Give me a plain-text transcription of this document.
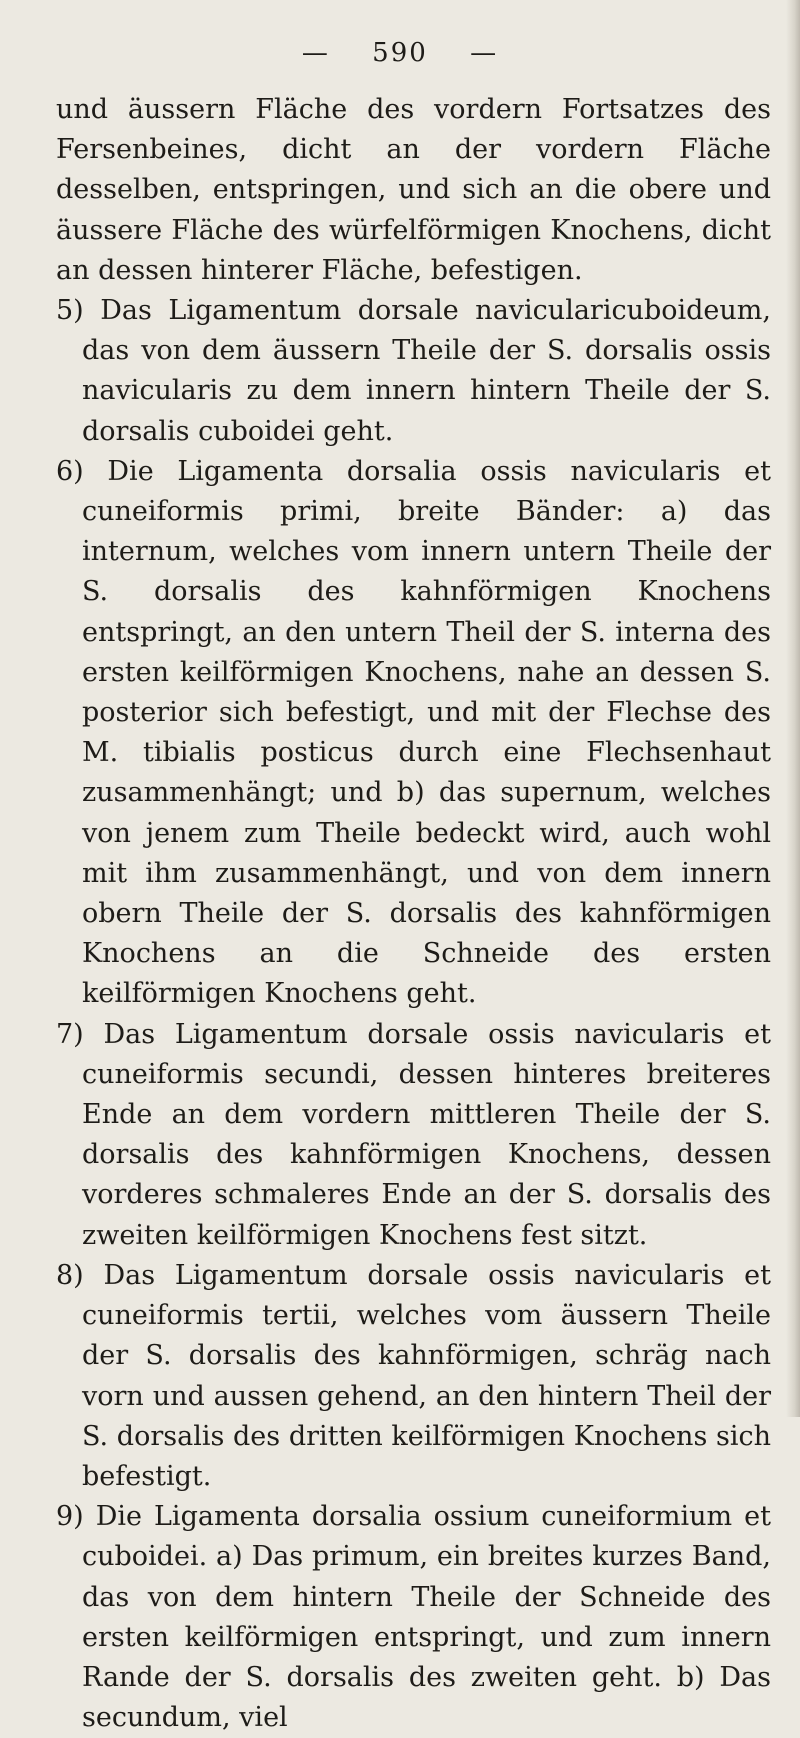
— 590 —

und äussern Fläche des vordern Fortsatzes des Fersenbeines, dicht an der vordern Fläche desselben, entspringen, und sich an die obere und äussere Fläche des würfelförmigen Knochens, dicht an dessen hinterer Fläche, befestigen.

5) Das Ligamentum dorsale navicularicuboideum, das von dem äussern Theile der S. dorsalis ossis navicularis zu dem innern hintern Theile der S. dorsalis cuboidei geht.

6) Die Ligamenta dorsalia ossis navicularis et cuneiformis primi, breite Bänder: a) das internum, welches vom innern untern Theile der S. dorsalis des kahnförmigen Knochens entspringt, an den untern Theil der S. interna des ersten keilförmigen Knochens, nahe an dessen S. posterior sich befestigt, und mit der Flechse des M. tibialis posticus durch eine Flechsenhaut zusammenhängt; und b) das supernum, welches von jenem zum Theile bedeckt wird, auch wohl mit ihm zusammenhängt, und von dem innern obern Theile der S. dorsalis des kahnförmigen Knochens an die Schneide des ersten keilförmigen Knochens geht.

7) Das Ligamentum dorsale ossis navicularis et cuneiformis secundi, dessen hinteres breiteres Ende an dem vordern mittleren Theile der S. dorsalis des kahnförmigen Knochens, dessen vorderes schmaleres Ende an der S. dorsalis des zweiten keilförmigen Knochens fest sitzt.

8) Das Ligamentum dorsale ossis navicularis et cuneiformis tertii, welches vom äussern Theile der S. dorsalis des kahnförmigen, schräg nach vorn und aussen gehend, an den hintern Theil der S. dorsalis des dritten keilförmigen Knochens sich befestigt.

9) Die Ligamenta dorsalia ossium cuneiformium et cuboidei. a) Das primum, ein breites kurzes Band, das von dem hintern Theile der Schneide des ersten keilförmigen entspringt, und zum innern Rande der S. dorsalis des zweiten geht. b) Das secundum, viel
